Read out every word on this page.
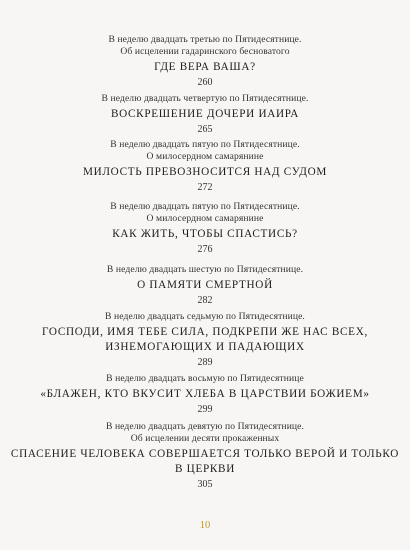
В неделю двадцать третью по Пятидесятнице.
Об исцелении гадаринского бесноватого
ГДЕ ВЕРА ВАША?
260
В неделю двадцать четвертую по Пятидесятнице.
ВОСКРЕШЕНИЕ ДОЧЕРИ ИАИРА
265
В неделю двадцать пятую по Пятидесятнице.
О милосердном самарянине
МИЛОСТЬ ПРЕВОЗНОСИТСЯ НАД СУДОМ
272
В неделю двадцать пятую по Пятидесятнице.
О милосердном самарянине
КАК ЖИТЬ, ЧТОБЫ СПАСТИСЬ?
276
В неделю двадцать шестую по Пятидесятнице.
О ПАМЯТИ СМЕРТНОЙ
282
В неделю двадцать седьмую по Пятидесятнице.
ГОСПОДИ, ИМЯ ТЕБЕ СИЛА, ПОДКРЕПИ ЖЕ НАС ВСЕХ,
ИЗНЕМОГАЮЩИХ И ПАДАЮЩИХ
289
В неделю двадцать восьмую по Пятидесятнице
«БЛАЖЕН, КТО ВКУСИТ ХЛЕБА В ЦАРСТВИИ БОЖИЕМ»
299
В неделю двадцать девятую по Пятидесятнице.
Об исцелении десяти прокаженных
СПАСЕНИЕ ЧЕЛОВЕКА СОВЕРШАЕТСЯ ТОЛЬКО ВЕРОЙ И ТОЛЬКО
В ЦЕРКВИ
305
10
